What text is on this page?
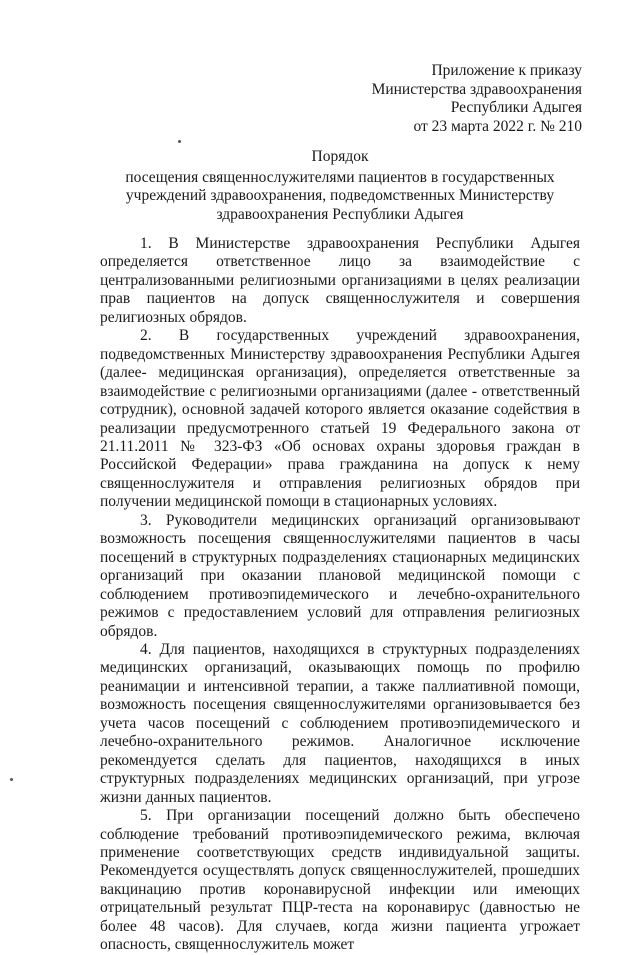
Приложение к приказу
Министерства здравоохранения
Республики Адыгея
от 23 марта 2022 г. № 210
Порядок
посещения священнослужителями пациентов в государственных
учреждений здравоохранения, подведомственных Министерству
здравоохранения Республики Адыгея

1. В Министерстве здравоохранения Республики Адыгея определяется ответственное лицо за взаимодействие с централизованными религиозными организациями в целях реализации прав пациентов на допуск священнослужителя и совершения религиозных обрядов.

2. В государственных учреждений здравоохранения, подведомственных Министерству здравоохранения Республики Адыгея (далее- медицинская организация), определяется ответственные за взаимодействие с религиозными организациями (далее - ответственный сотрудник), основной задачей которого является оказание содействия в реализации предусмотренного статьей 19 Федерального закона от 21.11.2011 № 323-ФЗ «Об основах охраны здоровья граждан в Российской Федерации» права гражданина на допуск к нему священнослужителя и отправления религиозных обрядов при получении медицинской помощи в стационарных условиях.

3. Руководители медицинских организаций организовывают возможность посещения священнослужителями пациентов в часы посещений в структурных подразделениях стационарных медицинских организаций при оказании плановой медицинской помощи с соблюдением противоэпидемического и лечебно-охранительного режимов с предоставлением условий для отправления религиозных обрядов.

4. Для пациентов, находящихся в структурных подразделениях медицинских организаций, оказывающих помощь по профилю реанимации и интенсивной терапии, а также паллиативной помощи, возможность посещения священнослужителями организовывается без учета часов посещений с соблюдением противоэпидемического и лечебно-охранительного режимов. Аналогичное исключение рекомендуется сделать для пациентов, находящихся в иных структурных подразделениях медицинских организаций, при угрозе жизни данных пациентов.

5. При организации посещений должно быть обеспечено соблюдение требований противоэпидемического режима, включая применение соответствующих средств индивидуальной защиты. Рекомендуется осуществлять допуск священнослужителей, прошедших вакцинацию против коронавирусной инфекции или имеющих отрицательный результат ПЦР-теста на коронавирус (давностью не более 48 часов). Для случаев, когда жизни пациента угрожает опасность, священнослужитель может
